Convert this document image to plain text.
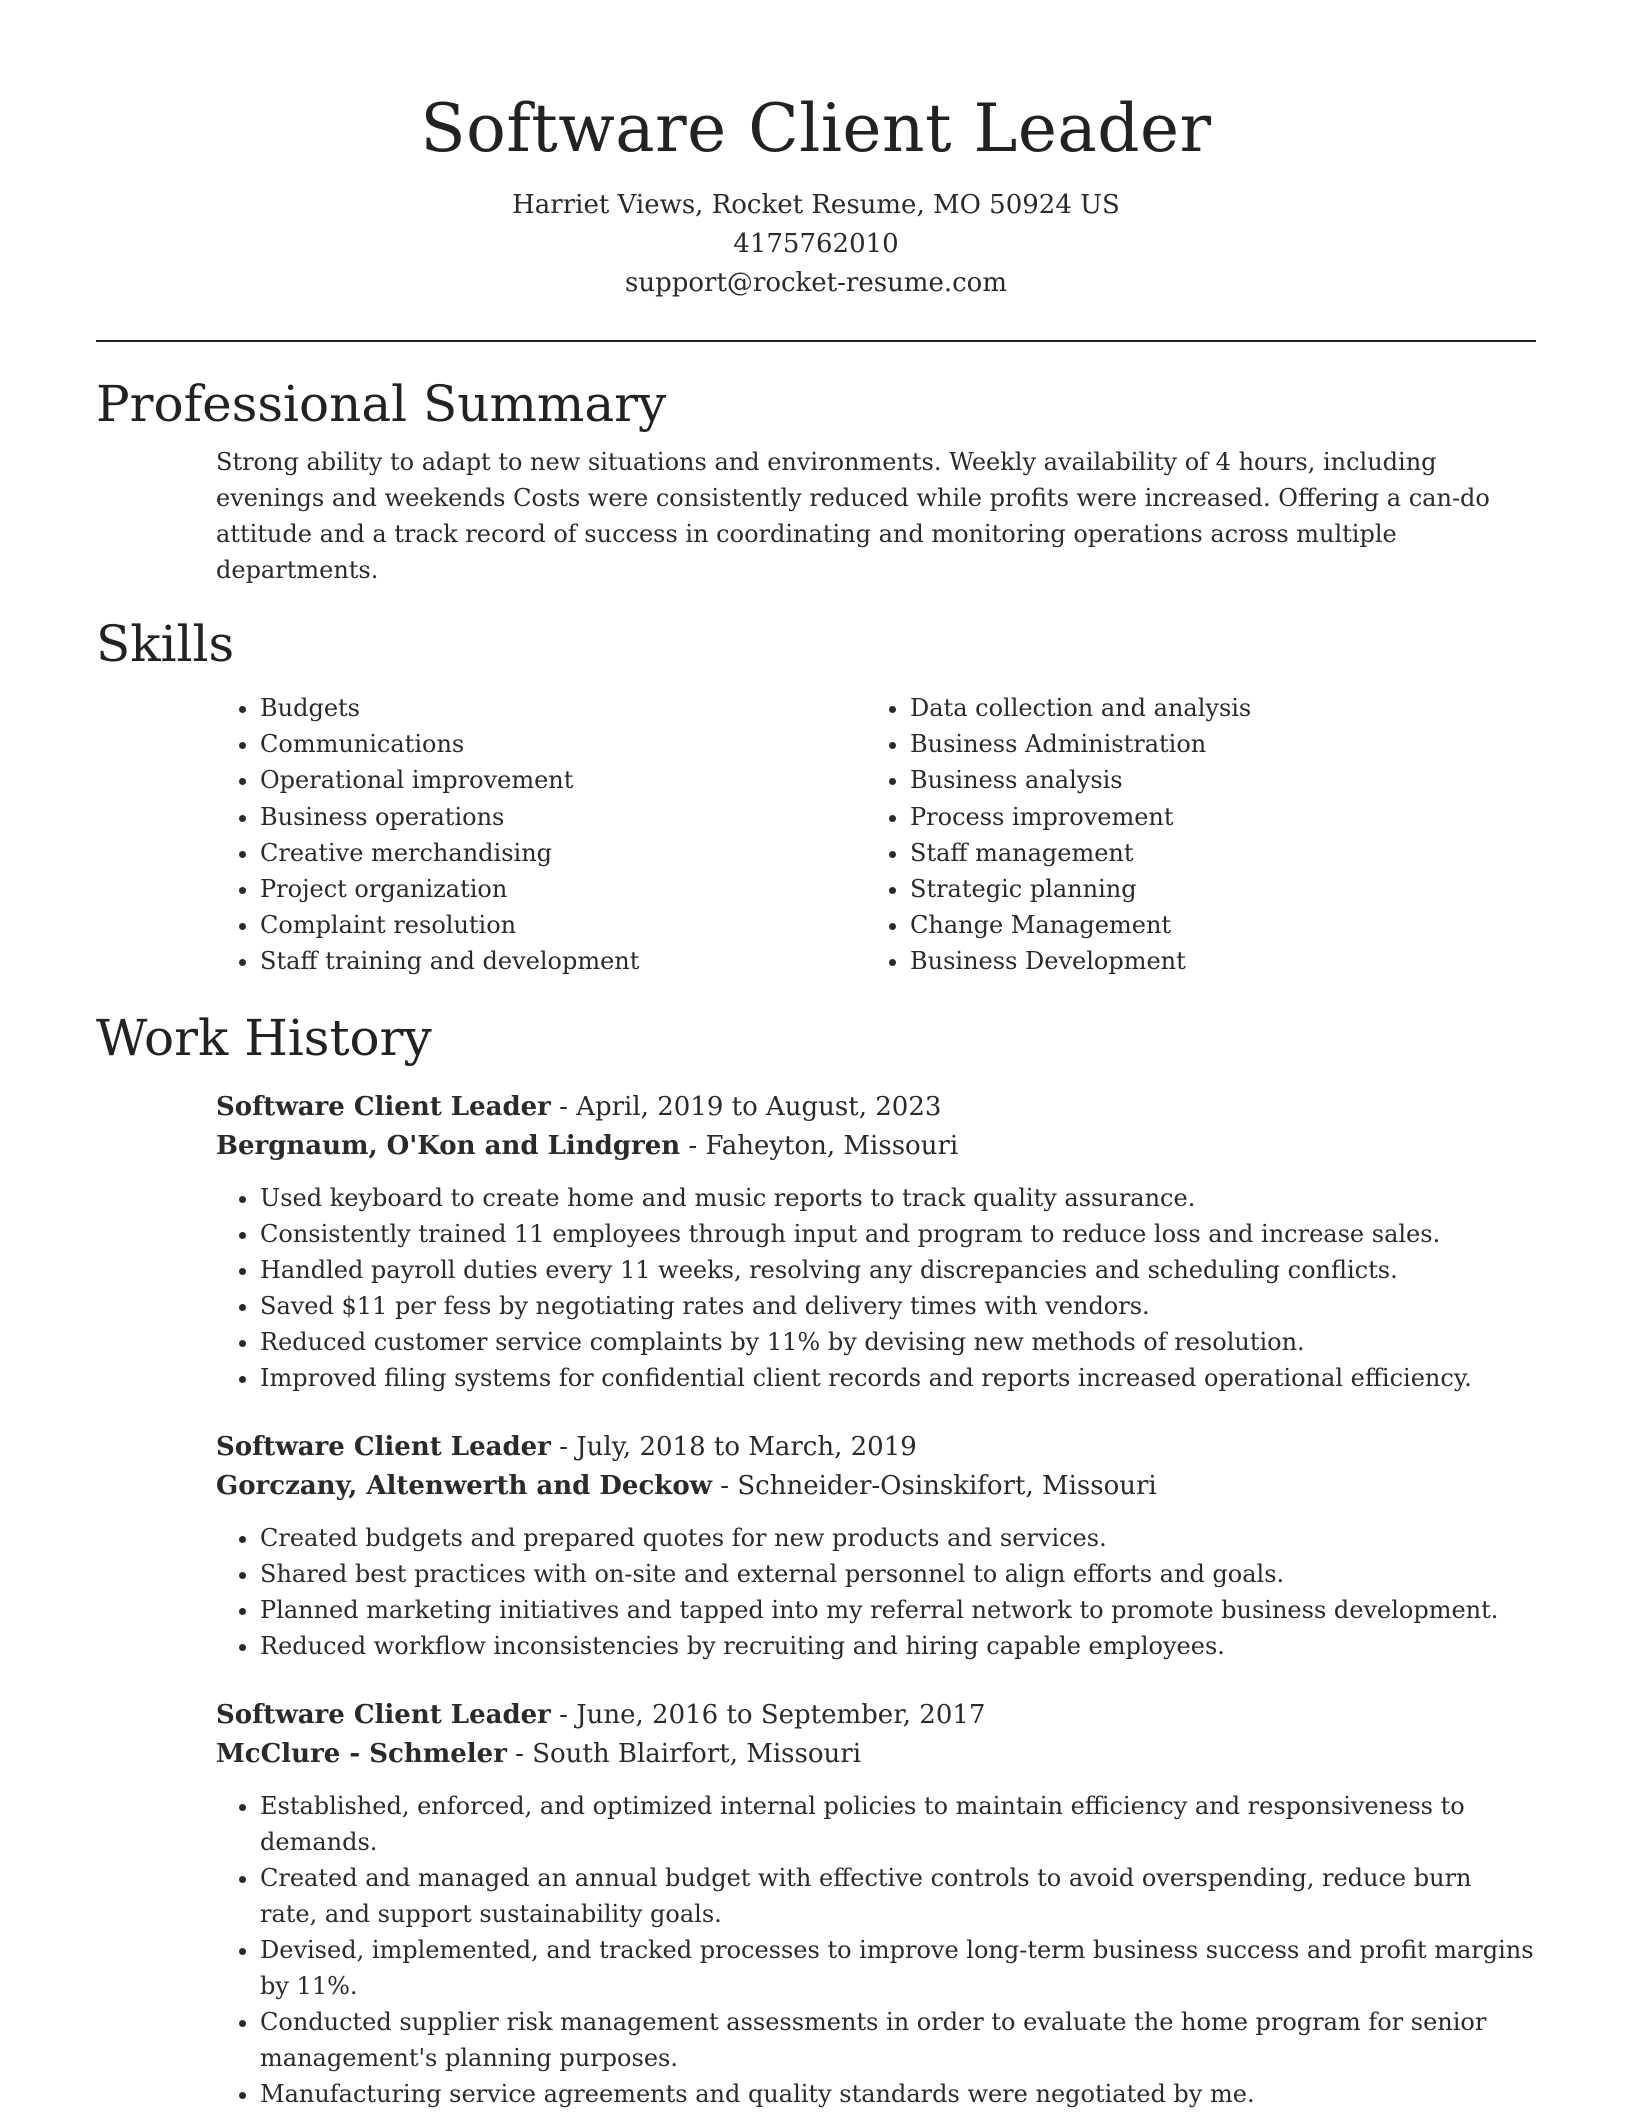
Software Client Leader
Harriet Views, Rocket Resume, MO 50924 US
4175762010
support@rocket-resume.com
Professional Summary
Strong ability to adapt to new situations and environments. Weekly availability of 4 hours, including evenings and weekends Costs were consistently reduced while profits were increased. Offering a can-do attitude and a track record of success in coordinating and monitoring operations across multiple departments.
Skills
• Budgets
• Communications
• Operational improvement
• Business operations
• Creative merchandising
• Project organization
• Complaint resolution
• Staff training and development
• Data collection and analysis
• Business Administration
• Business analysis
• Process improvement
• Staff management
• Strategic planning
• Change Management
• Business Development
Work History
Software Client Leader - April, 2019 to August, 2023
Bergnaum, O'Kon and Lindgren - Faheyton, Missouri
• Used keyboard to create home and music reports to track quality assurance.
• Consistently trained 11 employees through input and program to reduce loss and increase sales.
• Handled payroll duties every 11 weeks, resolving any discrepancies and scheduling conflicts.
• Saved $11 per fess by negotiating rates and delivery times with vendors.
• Reduced customer service complaints by 11% by devising new methods of resolution.
• Improved filing systems for confidential client records and reports increased operational efficiency.
Software Client Leader - July, 2018 to March, 2019
Gorczany, Altenwerth and Deckow - Schneider-Osinskifort, Missouri
• Created budgets and prepared quotes for new products and services.
• Shared best practices with on-site and external personnel to align efforts and goals.
• Planned marketing initiatives and tapped into my referral network to promote business development.
• Reduced workflow inconsistencies by recruiting and hiring capable employees.
Software Client Leader - June, 2016 to September, 2017
McClure - Schmeler - South Blairfort, Missouri
• Established, enforced, and optimized internal policies to maintain efficiency and responsiveness to demands.
• Created and managed an annual budget with effective controls to avoid overspending, reduce burn rate, and support sustainability goals.
• Devised, implemented, and tracked processes to improve long-term business success and profit margins by 11%.
• Conducted supplier risk management assessments in order to evaluate the home program for senior management's planning purposes.
• Manufacturing service agreements and quality standards were negotiated by me.
